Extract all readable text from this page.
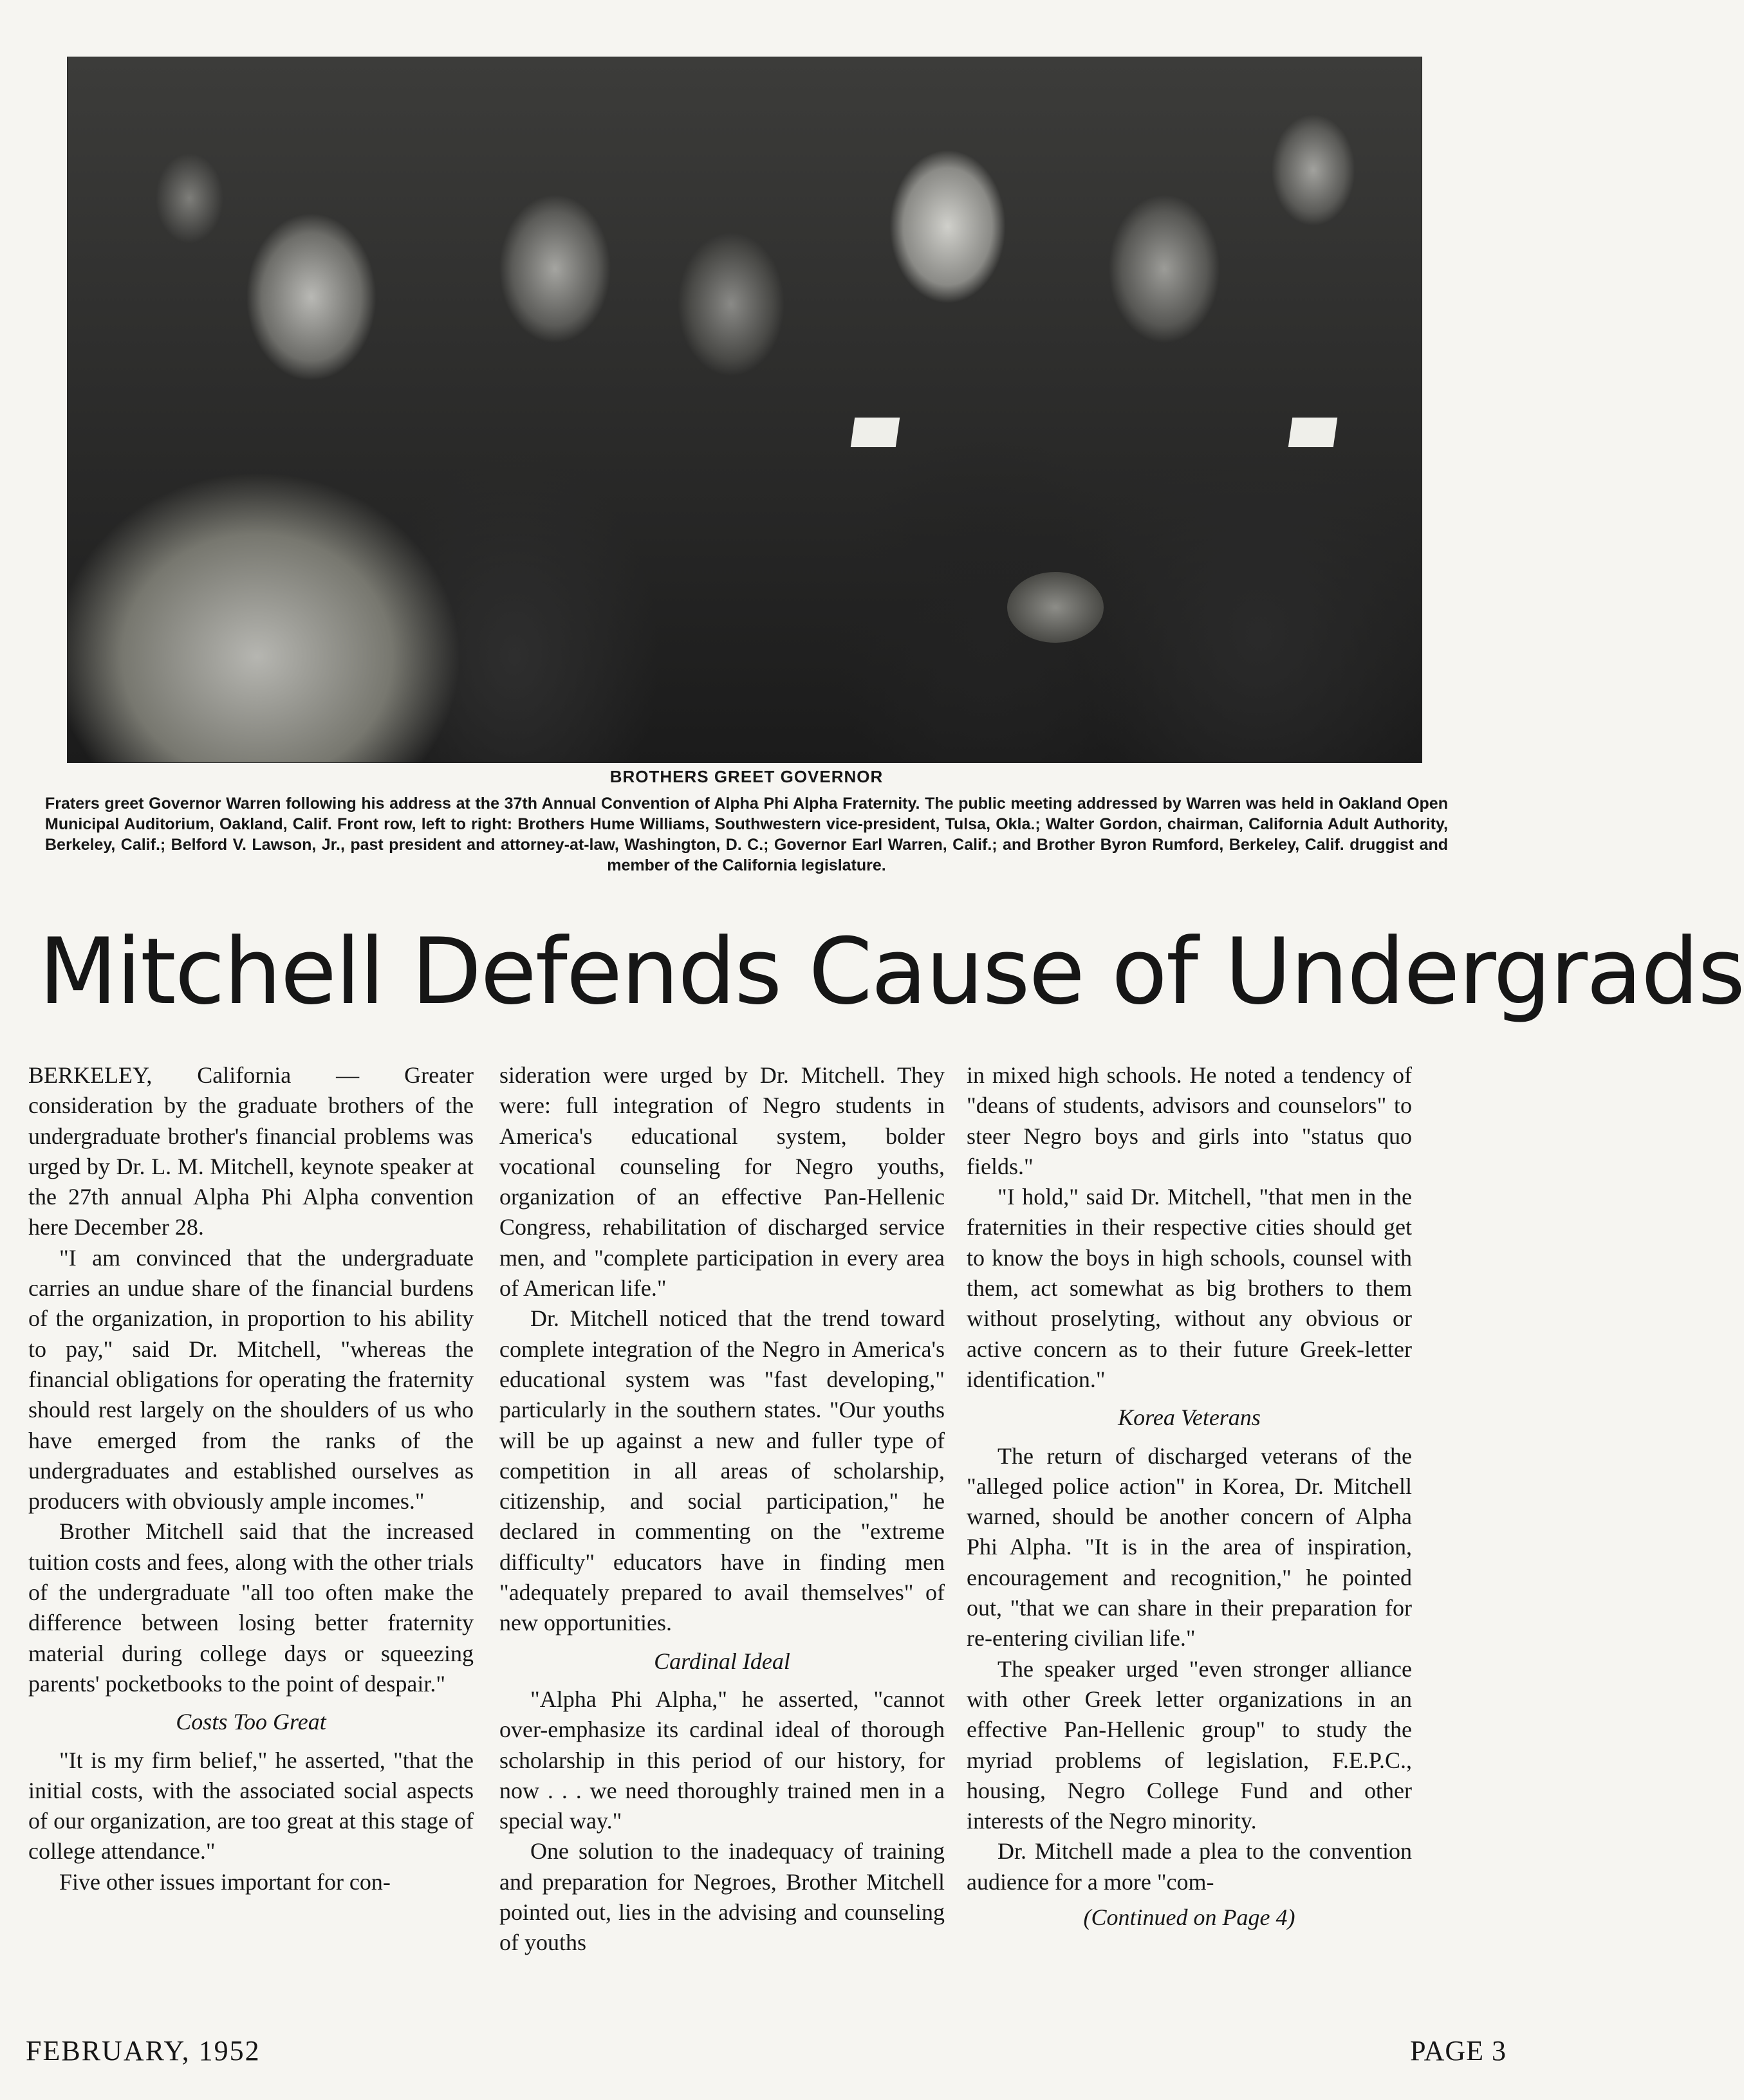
BROTHERS GREET GOVERNOR
Fraters greet Governor Warren following his address at the 37th Annual Convention of Alpha Phi Alpha Fraternity. The public meeting addressed by Warren was held in Oakland Open Municipal Auditorium, Oakland, Calif. Front row, left to right: Brothers Hume Williams, Southwestern vice-president, Tulsa, Okla.; Walter Gordon, chairman, California Adult Authority, Berkeley, Calif.; Belford V. Lawson, Jr., past president and attorney-at-law, Washington, D. C.; Governor Earl Warren, Calif.; and Brother Byron Rumford, Berkeley, Calif. druggist and member of the California legislature.
Mitchell Defends Cause of Undergrads

BERKELEY, California — Greater consideration by the graduate brothers of the undergraduate brother's financial problems was urged by Dr. L. M. Mitchell, keynote speaker at the 27th annual Alpha Phi Alpha convention here December 28.

"I am convinced that the undergraduate carries an undue share of the financial burdens of the organization, in proportion to his ability to pay," said Dr. Mitchell, "whereas the financial obligations for operating the fraternity should rest largely on the shoulders of us who have emerged from the ranks of the undergraduates and established ourselves as producers with obviously ample incomes."

Brother Mitchell said that the increased tuition costs and fees, along with the other trials of the undergraduate "all too often make the difference between losing better fraternity material during college days or squeezing parents' pocketbooks to the point of despair."

Costs Too Great

"It is my firm belief," he asserted, "that the initial costs, with the associated social aspects of our organization, are too great at this stage of college attendance."

Five other issues important for con-

sideration were urged by Dr. Mitchell. They were: full integration of Negro students in America's educational system, bolder vocational counseling for Negro youths, organization of an effective Pan-Hellenic Congress, rehabilitation of discharged service men, and "complete participation in every area of American life."

Dr. Mitchell noticed that the trend toward complete integration of the Negro in America's educational system was "fast developing," particularly in the southern states. "Our youths will be up against a new and fuller type of competition in all areas of scholarship, citizenship, and social participation," he declared in commenting on the "extreme difficulty" educators have in finding men "adequately prepared to avail themselves" of new opportunities.

Cardinal Ideal

"Alpha Phi Alpha," he asserted, "cannot over-emphasize its cardinal ideal of thorough scholarship in this period of our history, for now . . . we need thoroughly trained men in a special way."

One solution to the inadequacy of training and preparation for Negroes, Brother Mitchell pointed out, lies in the advising and counseling of youths

in mixed high schools. He noted a tendency of "deans of students, advisors and counselors" to steer Negro boys and girls into "status quo fields."

"I hold," said Dr. Mitchell, "that men in the fraternities in their respective cities should get to know the boys in high schools, counsel with them, act somewhat as big brothers to them without proselyting, without any obvious or active concern as to their future Greek-letter identification."

Korea Veterans

The return of discharged veterans of the "alleged police action" in Korea, Dr. Mitchell warned, should be another concern of Alpha Phi Alpha. "It is in the area of inspiration, encouragement and recognition," he pointed out, "that we can share in their preparation for re-entering civilian life."

The speaker urged "even stronger alliance with other Greek letter organizations in an effective Pan-Hellenic group" to study the myriad problems of legislation, F.E.P.C., housing, Negro College Fund and other interests of the Negro minority.

Dr. Mitchell made a plea to the convention audience for a more "com-

(Continued on Page 4)
FEBRUARY, 1952	PAGE 3
